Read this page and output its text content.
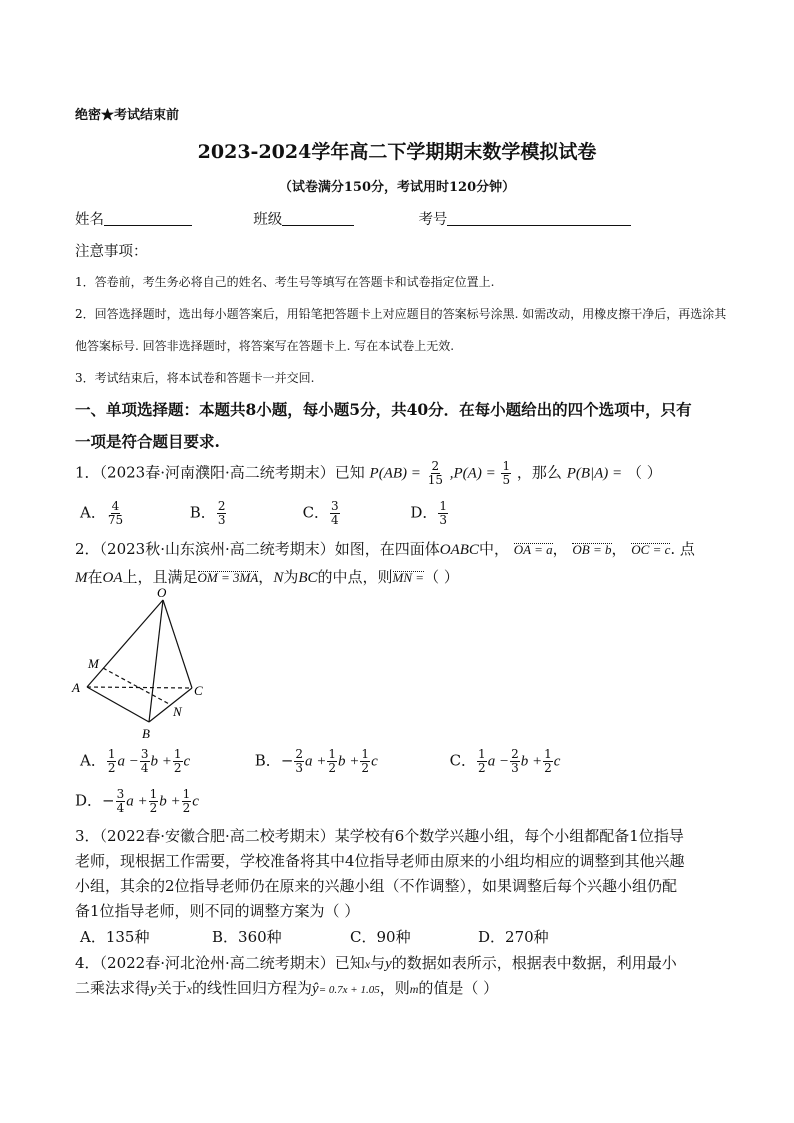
绝密★考试结束前
2023-2024学年高二下学期期末数学模拟试卷
（试卷满分150分，考试用时120分钟）
姓名	班级	考号
注意事项：
1．答卷前，考生务必将自己的姓名、考生号等填写在答题卡和试卷指定位置上.
2．回答选择题时，选出每小题答案后，用铅笔把答题卡上对应题目的答案标号涂黑. 如需改动，用橡皮擦干净后，再选涂其
他答案标号. 回答非选择题时，将答案写在答题卡上. 写在本试卷上无效.
3．考试结束后，将本试卷和答题卡一并交回.
一、单项选择题：本题共8小题，每小题5分，共40分．在每小题给出的四个选项中，只有
一项是符合题目要求.
1．（2023春·河南濮阳·高二统考期末）已知 $P(AB) = \frac{2}{15} ,P(A) = \frac{1}{5}$ ，那么 P(B|A) = （ ）
A． $\frac{4}{75}$	B． $\frac{2}{3}$	C． $\frac{3}{4}$	D． $\frac{1}{3}$
2．（2023秋·山东滨州·高二统考期末）如图，在四面体OABC中， OA = a， OB = b， OC = c. 点
M在OA上，且满足OM = 3MA，N为BC的中点，则MN =（ ）
O
M
A	C
N
B
A． $\frac{1}{2}$ $a - \frac{3}{4}$ $b + \frac{1}{2}$ c	B．− $\frac{2}{3}$ $a + \frac{1}{2}$ $b + \frac{1}{2}$ c	C． $\frac{1}{2}$ $a - \frac{2}{3}$ $b + \frac{1}{2}$ c
D．− $\frac{3}{4}$ $a + \frac{1}{2}$ $b + \frac{1}{2}$ c
3．（2022春·安徽合肥·高二校考期末）某学校有6个数学兴趣小组，每个小组都配备1位指导
老师，现根据工作需要，学校准备将其中4位指导老师由原来的小组均相应的调整到其他兴趣
小组，其余的2位指导老师仍在原来的兴趣小组（不作调整），如果调整后每个兴趣小组仍配
备1位指导老师，则不同的调整方案为（ ）
A．135种	B．360种	C．90种	D．270种
4．（2022春·河北沧州·高二统考期末）已知x与y的数据如表所示，根据表中数据，利用最小
二乘法求得y关于x的线性回归方程为ŷ= 0.7x + 1.05，则m的值是（ ）
